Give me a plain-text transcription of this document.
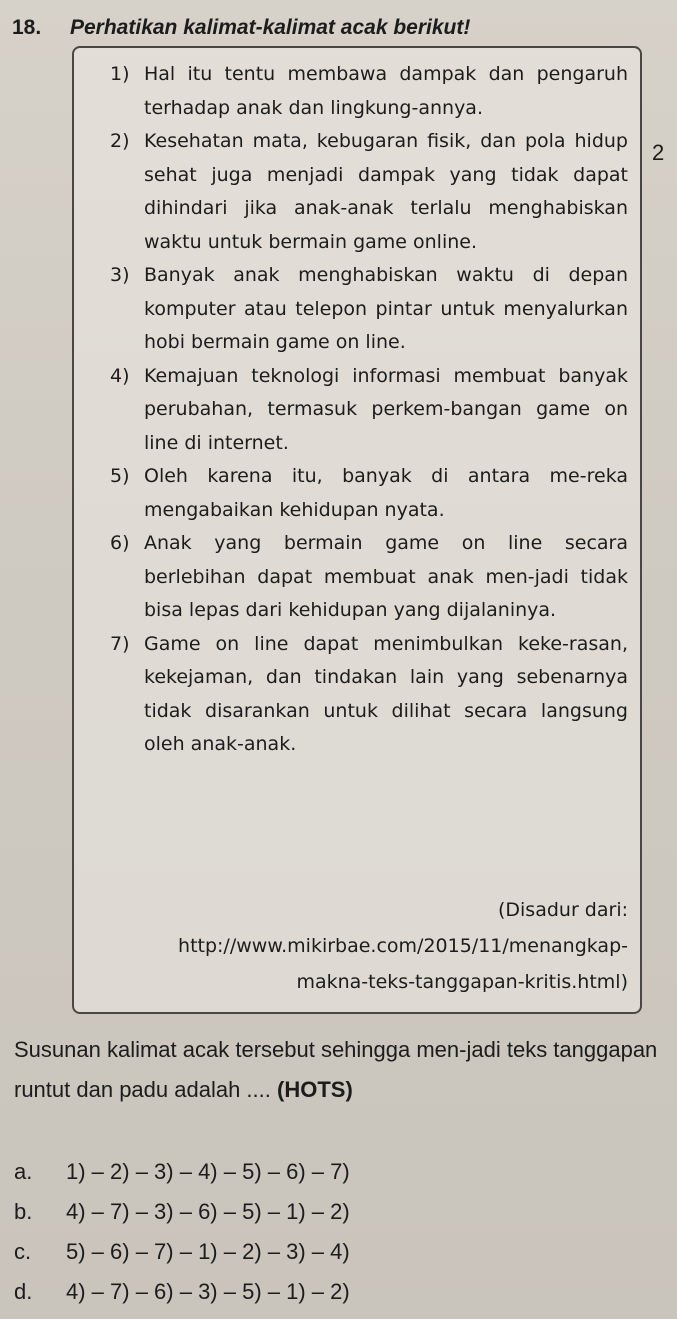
18. Perhatikan kalimat-kalimat acak berikut!
2
1) Hal itu tentu membawa dampak dan pengaruh terhadap anak dan lingkung-annya.
2) Kesehatan mata, kebugaran fisik, dan pola hidup sehat juga menjadi dampak yang tidak dapat dihindari jika anak-anak terlalu menghabiskan waktu untuk bermain game online.
3) Banyak anak menghabiskan waktu di depan komputer atau telepon pintar untuk menyalurkan hobi bermain game on line.
4) Kemajuan teknologi informasi membuat banyak perubahan, termasuk perkem-bangan game on line di internet.
5) Oleh karena itu, banyak di antara me-reka mengabaikan kehidupan nyata.
6) Anak yang bermain game on line secara berlebihan dapat membuat anak men-jadi tidak bisa lepas dari kehidupan yang dijalaninya.
7) Game on line dapat menimbulkan keke-rasan, kekejaman, dan tindakan lain yang sebenarnya tidak disarankan untuk dilihat secara langsung oleh anak-anak.
(Disadur dari: http://www.mikirbae.com/2015/11/menangkap-makna-teks-tanggapan-kritis.html)
Susunan kalimat acak tersebut sehingga men-jadi teks tanggapan runtut dan padu adalah .... (HOTS)
a.	1) – 2) – 3) – 4) – 5) – 6) – 7)
b.	4) – 7) – 3) – 6) – 5) – 1) – 2)
c.	5) – 6) – 7) – 1) – 2) – 3) – 4)
d.	4) – 7) – 6) – 3) – 5) – 1) – 2)
